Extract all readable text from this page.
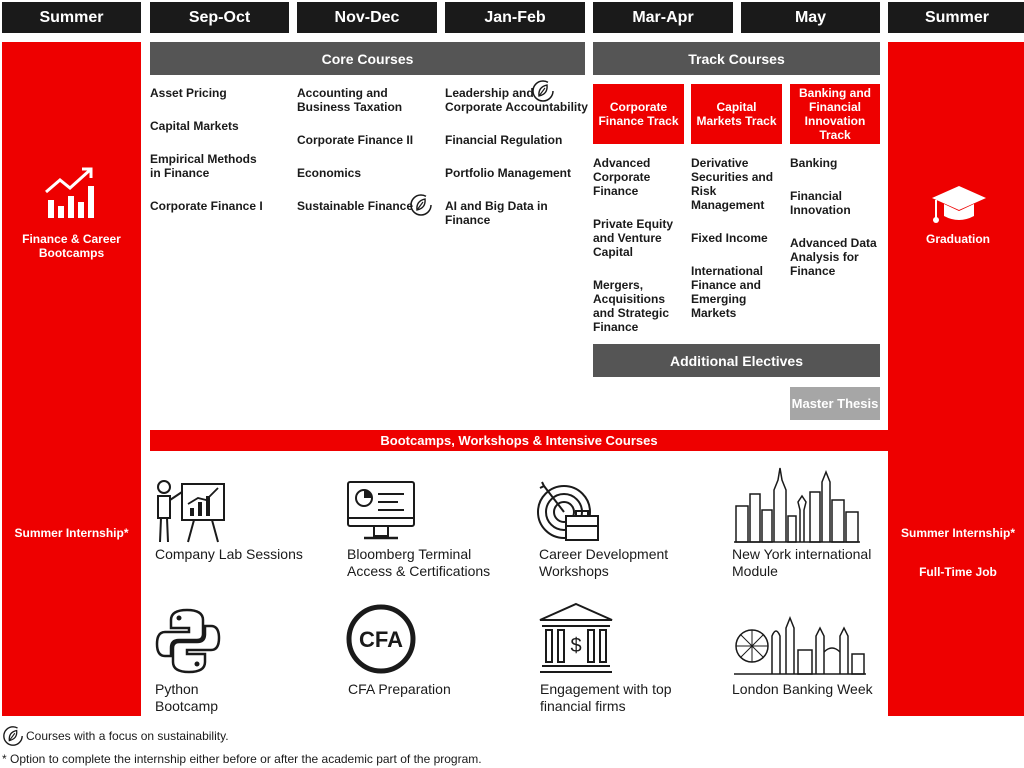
Summer	Sep-Oct	Nov-Dec	Jan-Feb	Mar-Apr	May	Summer
Finance & Career Bootcamps
Summer Internship*
Graduation
Summer Internship*
Full-Time Job
Core Courses
Asset Pricing
Capital Markets
Empirical Methods in Finance
Corporate Finance I
Accounting and Business Taxation
Corporate Finance II
Economics
Sustainable Finance
Leadership and Corporate Accountability
Financial Regulation
Portfolio Management
AI and Big Data in Finance
Track Courses
Corporate Finance Track
Capital Markets Track
Banking and Financial Innovation Track
Advanced Corporate Finance
Private Equity and Venture Capital
Mergers, Acquisitions and Strategic Finance
Derivative Securities and Risk Management
Fixed Income
International Finance and Emerging Markets
Banking
Financial Innovation
Advanced Data Analysis for Finance
Additional Electives
Master Thesis
Bootcamps, Workshops & Intensive Courses
Company Lab Sessions	Bloomberg Terminal Access & Certifications
Career Development Workshops
New York international Module
CFA	$
Python Bootcamp
CFA Preparation	Engagement with top financial firms
London Banking Week
Courses with a focus on sustainability.
* Option to complete the internship either before or after the academic part of the program.
